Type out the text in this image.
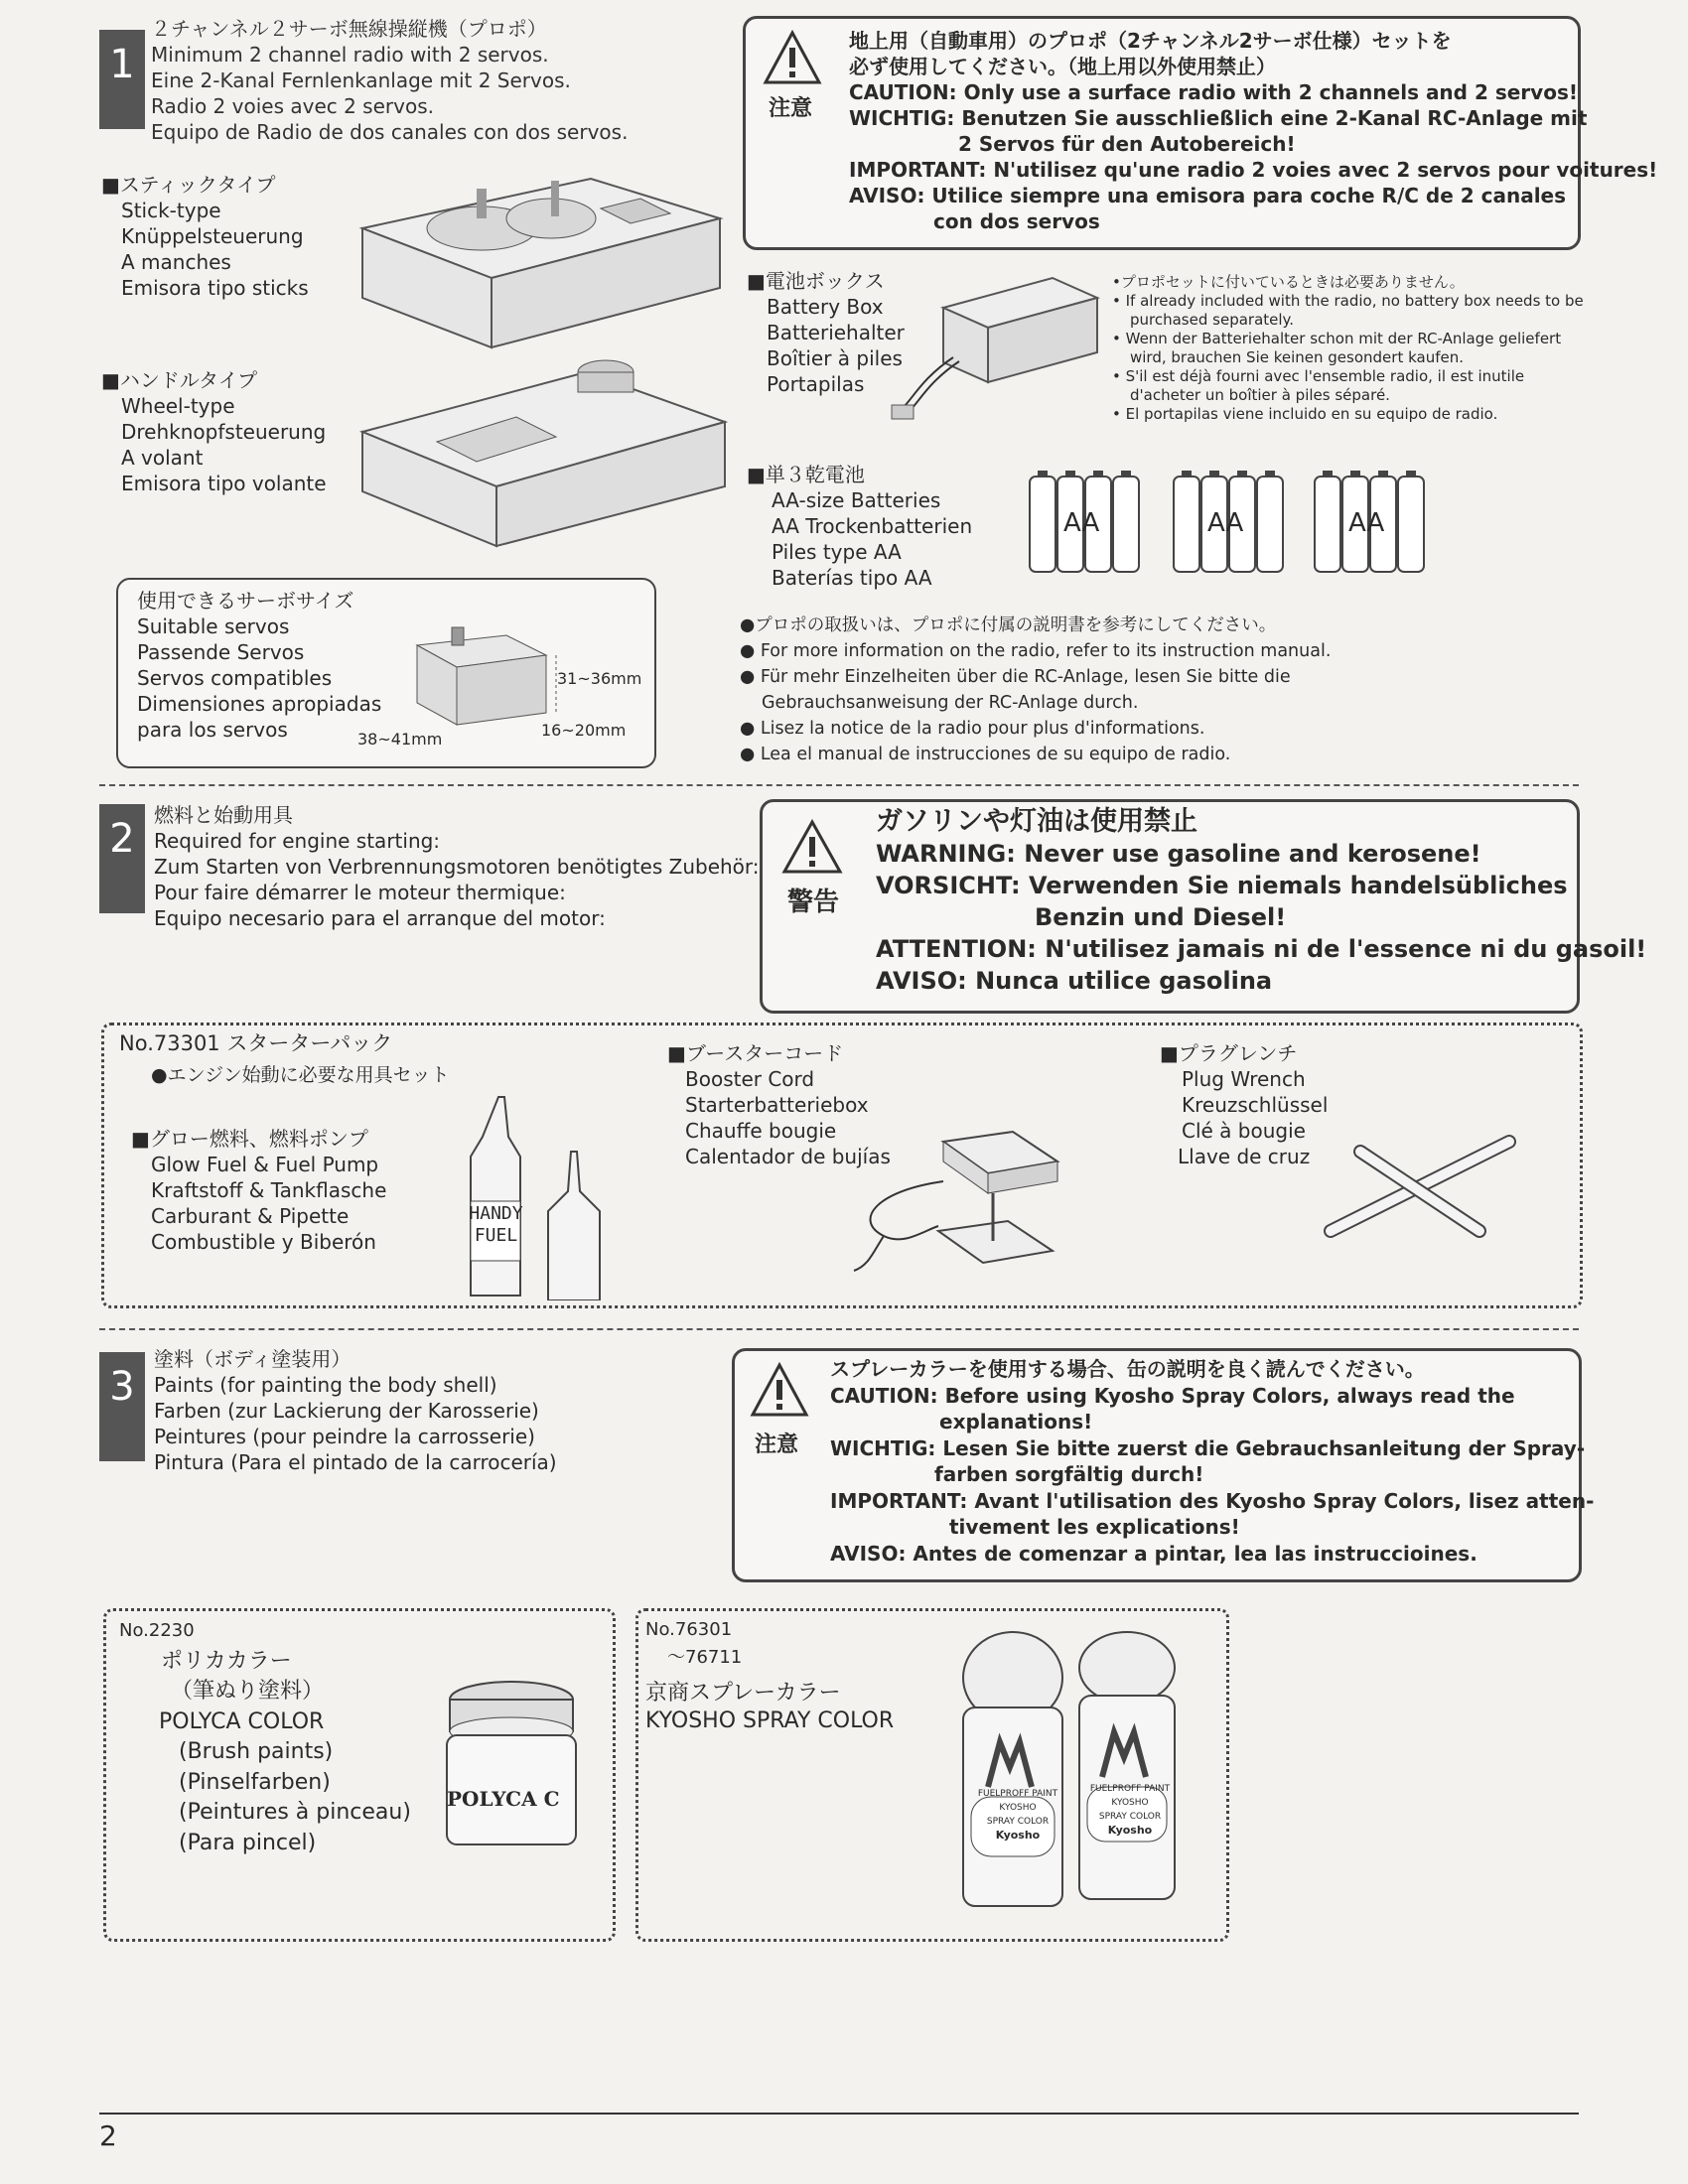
1
２チャンネル２サーボ無線操縦機（プロポ）
Minimum 2 channel radio with 2 servos.
Eine 2-Kanal Fernlenkanlage mit 2 Servos.
Radio 2 voies avec 2 servos.
Equipo de Radio de dos canales con dos servos.
■スティックタイプ
Stick-type
Knüppelsteuerung
A manches
Emisora tipo sticks
■ハンドルタイプ
Wheel-type
Drehknopfsteuerung
A volant
Emisora tipo volante
使用できるサーボサイズ
Suitable servos
Passende Servos
Servos compatibles
Dimensiones apropiadas
para los servos
31~36mm
16~20mm
38~41mm
注意
地上用（自動車用）のプロポ（2チャンネル2サーボ仕様）セットを
必ず使用してください。（地上用以外使用禁止）
CAUTION: Only use a surface radio with 2 channels and 2 servos!
WICHTIG: Benutzen Sie ausschließlich eine 2-Kanal RC-Anlage mit
2 Servos für den Autobereich!
IMPORTANT: N'utilisez qu'une radio 2 voies avec 2 servos pour voitures!
AVISO: Utilice siempre una emisora para coche R/C de 2 canales
con dos servos
■電池ボックス
Battery Box
Batteriehalter
Boîtier à piles
Portapilas
•プロポセットに付いているときは必要ありません。
• If already included with the radio, no battery box needs to be
purchased separately.
• Wenn der Batteriehalter schon mit der RC-Anlage geliefert
wird, brauchen Sie keinen gesondert kaufen.
• S'il est déjà fourni avec l'ensemble radio, il est inutile
d'acheter un boîtier à piles séparé.
• El portapilas viene incluido en su equipo de radio.
■単３乾電池
AA-size Batteries
AA Trockenbatterien
Piles type AA
Baterías tipo AA
AA	AA	AA
●プロポの取扱いは、プロポに付属の説明書を参考にしてください。
● For more information on the radio, refer to its instruction manual.
● Für mehr Einzelheiten über die RC-Anlage, lesen Sie bitte die
Gebrauchsanweisung der RC-Anlage durch.
● Lisez la notice de la radio pour plus d'informations.
● Lea el manual de instrucciones de su equipo de radio.
2
燃料と始動用具
Required for engine starting:
Zum Starten von Verbrennungsmotoren benötigtes Zubehör:
Pour faire démarrer le moteur thermique:
Equipo necesario para el arranque del motor:
警告
ガソリンや灯油は使用禁止
WARNING: Never use gasoline and kerosene!
VORSICHT: Verwenden Sie niemals handelsübliches
Benzin und Diesel!
ATTENTION: N'utilisez jamais ni de l'essence ni du gasoil!
AVISO: Nunca utilice gasolina
No.73301 スターターパック
●エンジン始動に必要な用具セット
■グロー燃料、燃料ポンプ
Glow Fuel & Fuel Pump
Kraftstoff & Tankflasche
Carburant & Pipette
Combustible y Biberón
HANDY
FUEL
■ブースターコード
Booster Cord
Starterbatteriebox
Chauffe bougie
Calentador de bujías
■プラグレンチ
Plug Wrench
Kreuzschlüssel
Clé à bougie
Llave de cruz
3
塗料（ボディ塗装用）
Paints (for painting the body shell)
Farben (zur Lackierung der Karosserie)
Peintures (pour peindre la carrosserie)
Pintura (Para el pintado de la carrocería)
注意
スプレーカラーを使用する場合、缶の説明を良く読んでください。
CAUTION: Before using Kyosho Spray Colors, always read the
explanations!
WICHTIG: Lesen Sie bitte zuerst die Gebrauchsanleitung der Spray-
farben sorgfältig durch!
IMPORTANT: Avant l'utilisation des Kyosho Spray Colors, lisez atten-
tivement les explications!
AVISO: Antes de comenzar a pintar, lea las instruccioines.
No.2230
ポリカカラー
（筆ぬり塗料）
POLYCA COLOR
(Brush paints)
(Pinselfarben)
(Peintures à pinceau)
(Para pincel)
POLYCA C
No.76301
～76711
京商スプレーカラー
KYOSHO SPRAY COLOR
FUELPROFF PAINT
KYOSHO
SPRAY COLOR
Kyosho
FUELPROFF PAINT
KYOSHO
SPRAY COLOR
Kyosho
2
